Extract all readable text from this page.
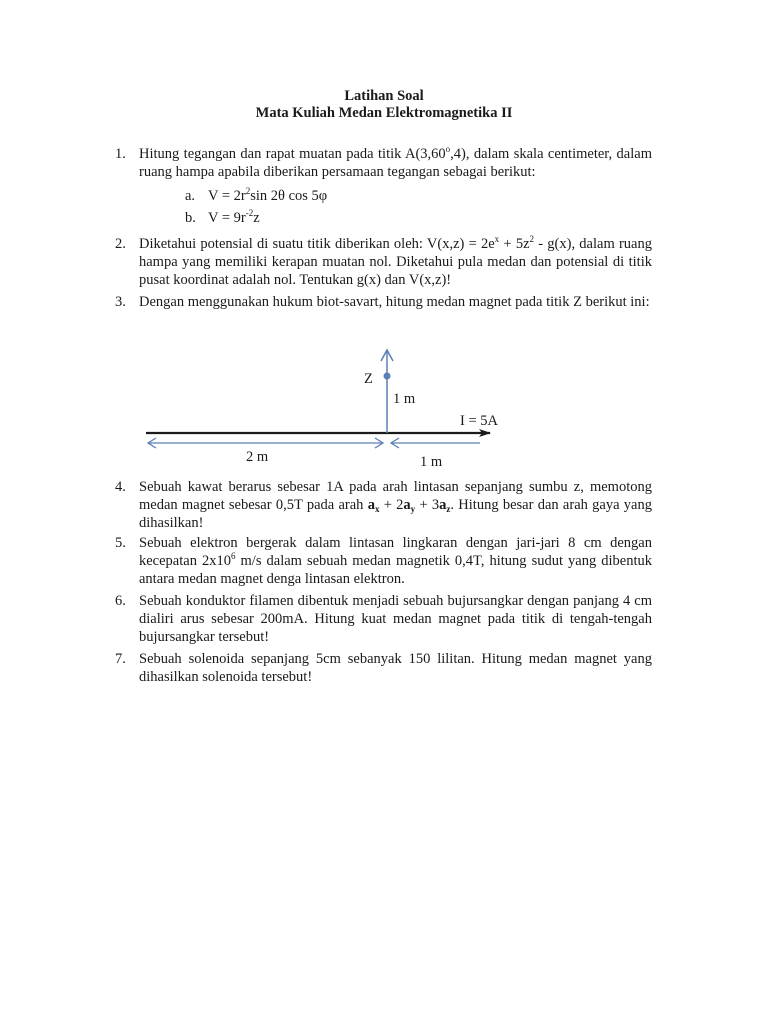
Latihan Soal
Mata Kuliah Medan Elektromagnetika II
1. Hitung tegangan dan rapat muatan pada titik A(3,60$^o$,4), dalam skala centimeter, dalam ruang hampa apabila diberikan persamaan tegangan sebagai berikut:
a. $V = 2r^2\sin$ 2θ cos 5φ
b. $V = 9r^{-2}z$
2. Diketahui potensial di suatu titik diberikan oleh: $V(x,z) = 2e^x + 5z^2 - g(x)$, dalam ruang hampa yang memiliki kerapan muatan nol. Diketahui pula medan dan potensial di titik pusat koordinat adalah nol. Tentukan g(x) dan V(x,z)!
3. Dengan menggunakan hukum biot-savart, hitung medan magnet pada titik Z berikut ini:
Z
1 m
I = 5A
2 m	1 m
4. Sebuah kawat berarus sebesar 1A pada arah lintasan sepanjang sumbu z, memotong medan magnet sebesar 0,5T pada arah $a_x + 2a_y + 3a_z$. Hitung besar dan arah gaya yang dihasilkan!
5. Sebuah elektron bergerak dalam lintasan lingkaran dengan jari-jari 8 cm dengan kecepatan $2x10^6$ m/s dalam sebuah medan magnetik 0,4T, hitung sudut yang dibentuk antara medan magnet denga lintasan elektron.
6. Sebuah konduktor filamen dibentuk menjadi sebuah bujursangkar dengan panjang 4 cm dialiri arus sebesar 200mA. Hitung kuat medan magnet pada titik di tengah-tengah bujursangkar tersebut!
7. Sebuah solenoida sepanjang 5cm sebanyak 150 lilitan. Hitung medan magnet yang dihasilkan solenoida tersebut!
